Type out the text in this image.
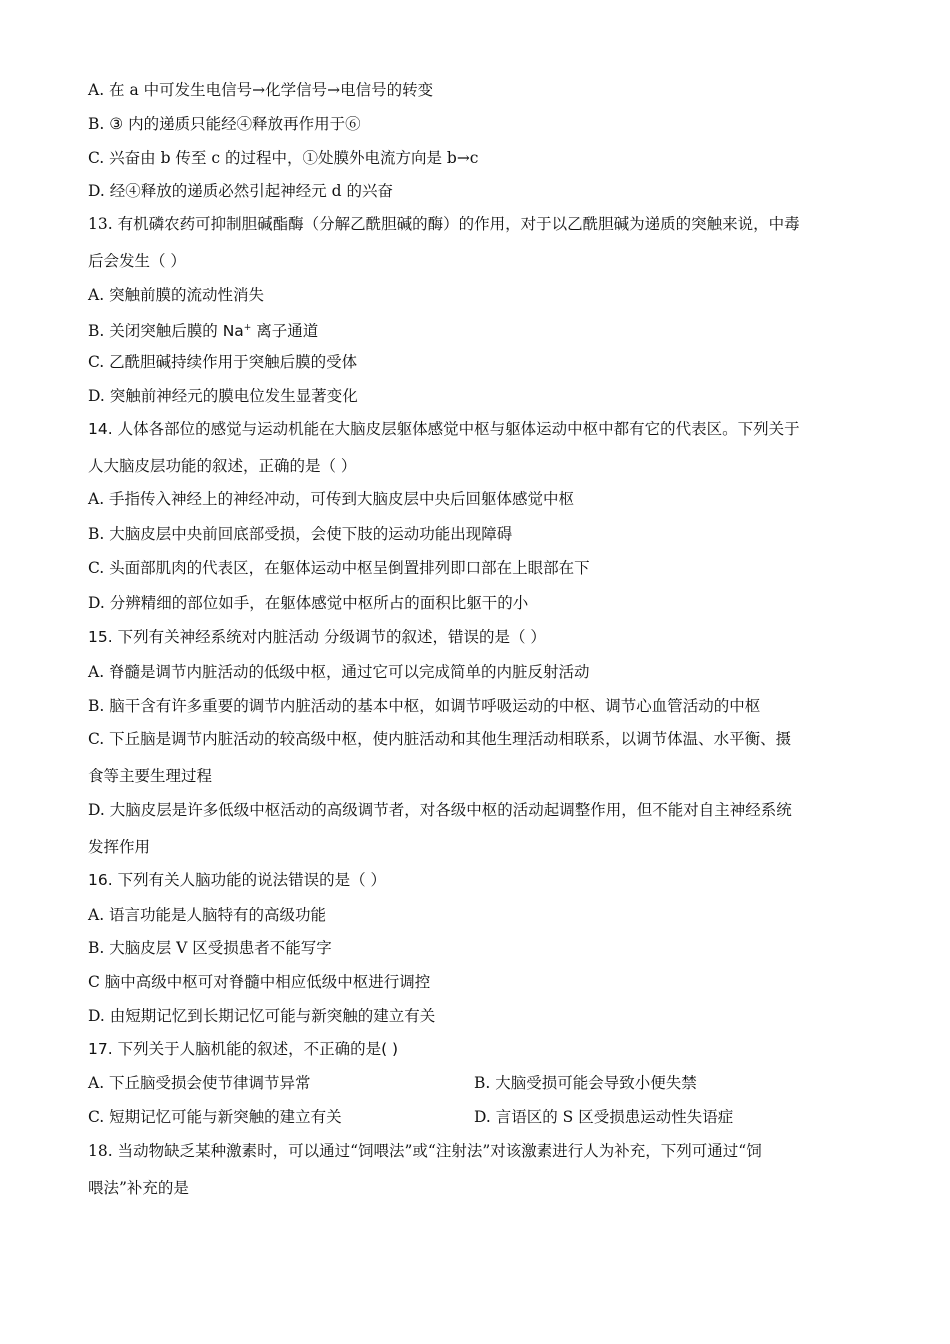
A. 在 a 中可发生电信号→化学信号→电信号的转变
B. ③ 内的递质只能经④释放再作用于⑥
C. 兴奋由 b 传至 c 的过程中，①处膜外电流方向是 b→c
D. 经④释放的递质必然引起神经元 d 的兴奋
13. 有机磷农药可抑制胆碱酯酶（分解乙酰胆碱的酶）的作用，对于以乙酰胆碱为递质的突触来说，中毒
后会发生（ ）
A. 突触前膜的流动性消失
B. 关闭突触后膜的 Na+ 离子通道
C. 乙酰胆碱持续作用于突触后膜的受体
D. 突触前神经元的膜电位发生显著变化
14. 人体各部位的感觉与运动机能在大脑皮层躯体感觉中枢与躯体运动中枢中都有它的代表区。下列关于
人大脑皮层功能的叙述，正确的是（ ）
A. 手指传入神经上的神经冲动，可传到大脑皮层中央后回躯体感觉中枢
B. 大脑皮层中央前回底部受损，会使下肢的运动功能出现障碍
C. 头面部肌肉的代表区，在躯体运动中枢呈倒置排列即口部在上眼部在下
D. 分辨精细的部位如手，在躯体感觉中枢所占的面积比躯干的小
15. 下列有关神经系统对内脏活动 分级调节的叙述，错误的是（ ）
A. 脊髓是调节内脏活动的低级中枢，通过它可以完成简单的内脏反射活动
B. 脑干含有许多重要的调节内脏活动的基本中枢，如调节呼吸运动的中枢、调节心血管活动的中枢
C. 下丘脑是调节内脏活动的较高级中枢，使内脏活动和其他生理活动相联系，以调节体温、水平衡、摄
食等主要生理过程
D. 大脑皮层是许多低级中枢活动的高级调节者，对各级中枢的活动起调整作用，但不能对自主神经系统
发挥作用
16. 下列有关人脑功能的说法错误的是（ ）
A. 语言功能是人脑特有的高级功能
B. 大脑皮层 V 区受损患者不能写字
C 脑中高级中枢可对脊髓中相应低级中枢进行调控
D. 由短期记忆到长期记忆可能与新突触的建立有关
17. 下列关于人脑机能的叙述，不正确的是( )
A. 下丘脑受损会使节律调节异常	B. 大脑受损可能会导致小便失禁
C. 短期记忆可能与新突触的建立有关	D. 言语区的 S 区受损患运动性失语症
18. 当动物缺乏某种激素时，可以通过“饲喂法”或“注射法”对该激素进行人为补充，下列可通过“饲
喂法”补充的是
